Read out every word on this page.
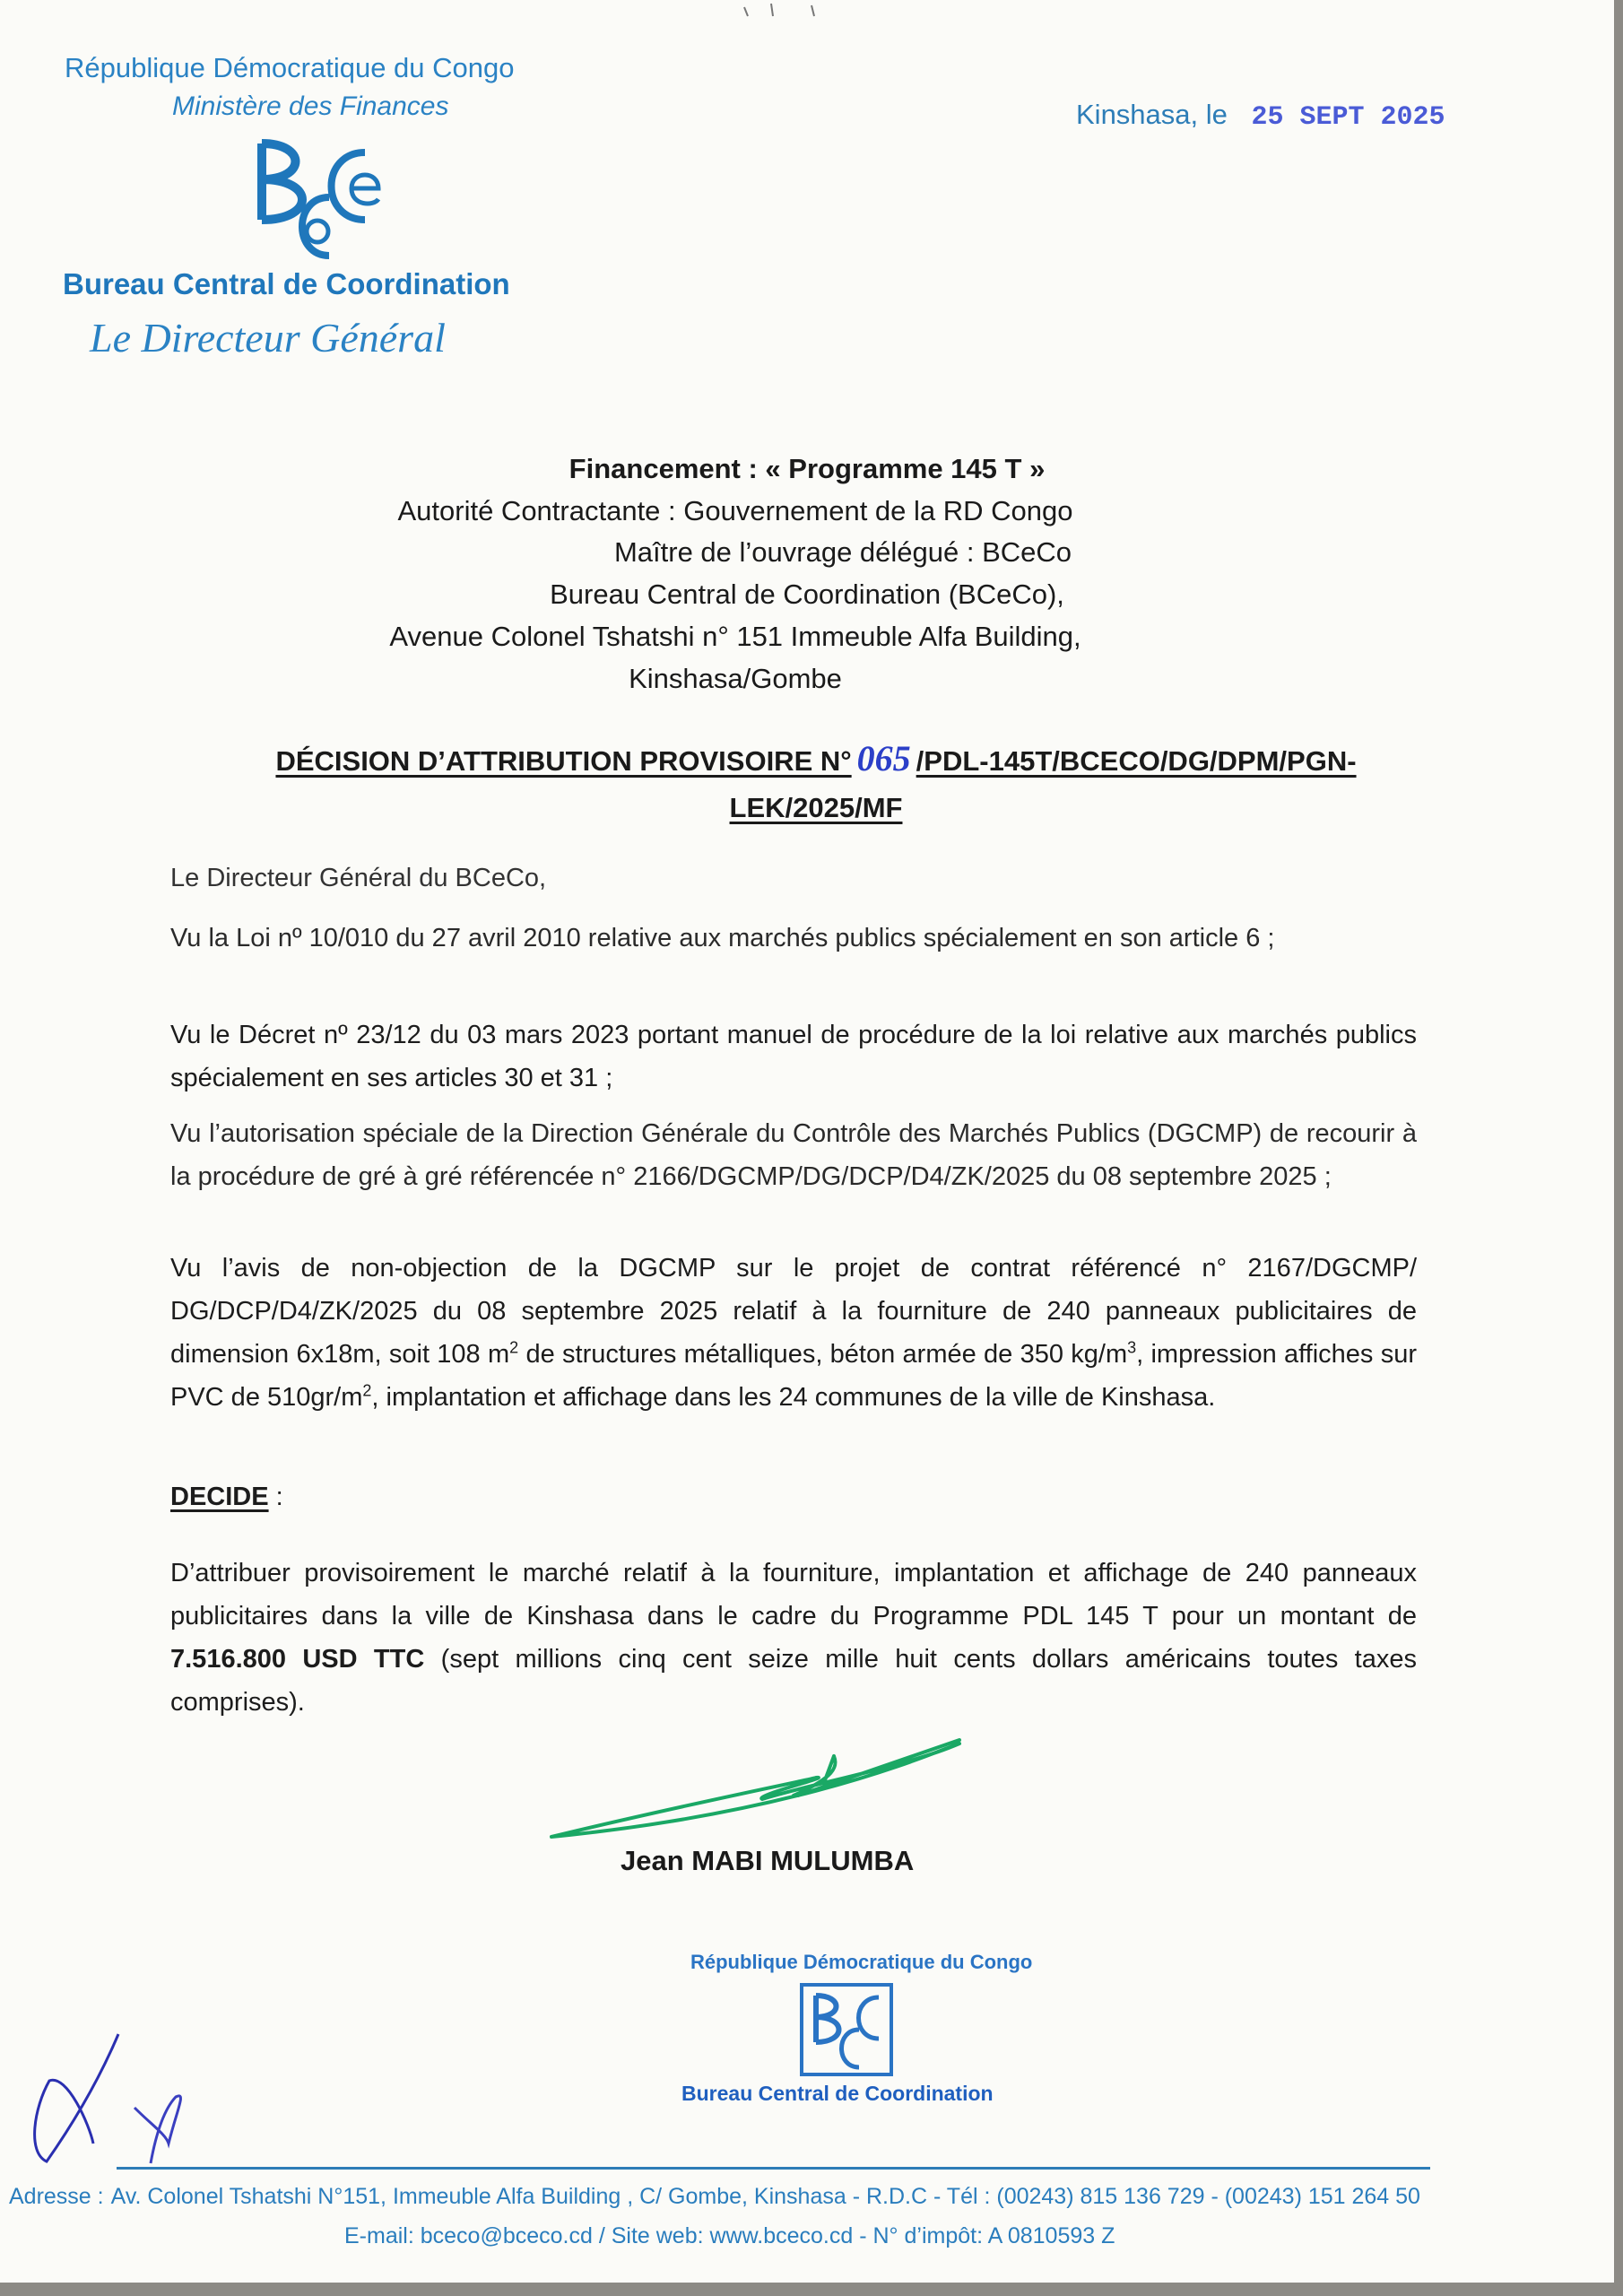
République Démocratique du Congo
Ministère des Finances
Bureau Central de Coordination
Le Directeur Général
Kinshasa, le 25 SEPT 2025
Financement : « Programme 145 T »
Autorité Contractante : Gouvernement de la RD Congo
Maître de l’ouvrage délégué : BCeCo
Bureau Central de Coordination (BCeCo),
Avenue Colonel Tshatshi n° 151 Immeuble Alfa Building,
Kinshasa/Gombe
DÉCISION D’ATTRIBUTION PROVISOIRE N° 065 /PDL-145T/BCECO/DG/DPM/PGN-
LEK/2025/MF
Le Directeur Général du BCeCo,
Vu la Loi nº 10/010 du 27 avril 2010 relative aux marchés publics spécialement en son article 6 ;
Vu le Décret nº 23/12 du 03 mars 2023 portant manuel de procédure de la loi relative aux marchés publics spécialement en ses articles 30 et 31 ;
Vu l’autorisation spéciale de la Direction Générale du Contrôle des Marchés Publics (DGCMP) de recourir à la procédure de gré à gré référencée n° 2166/DGCMP/DG/DCP/D4/ZK/2025 du 08 septembre 2025 ;
Vu l’avis de non-objection de la DGCMP sur le projet de contrat référencé n° 2167/DGCMP/ DG/DCP/D4/ZK/2025 du 08 septembre 2025 relatif à la fourniture de 240 panneaux publicitaires de dimension 6x18m, soit 108 $m^2$ de structures métalliques, béton armée de 350 $kg/m^3$, impression affiches sur PVC de $510gr/m^2$, implantation et affichage dans les 24 communes de la ville de Kinshasa.
DECIDE :
D’attribuer provisoirement le marché relatif à la fourniture, implantation et affichage de 240 panneaux publicitaires dans la ville de Kinshasa dans le cadre du Programme PDL 145 T pour un montant de 7.516.800 USD TTC (sept millions cinq cent seize mille huit cents dollars américains toutes taxes comprises).
Jean MABI MULUMBA
République Démocratique du Congo
Bureau Central de Coordination
Adresse : Av. Colonel Tshatshi N°151, Immeuble Alfa Building , C/ Gombe, Kinshasa - R.D.C - Tél : (00243) 815 136 729 - (00243) 151 264 50
E-mail: bceco@bceco.cd / Site web: www.bceco.cd - N° d’impôt: A 0810593 Z
